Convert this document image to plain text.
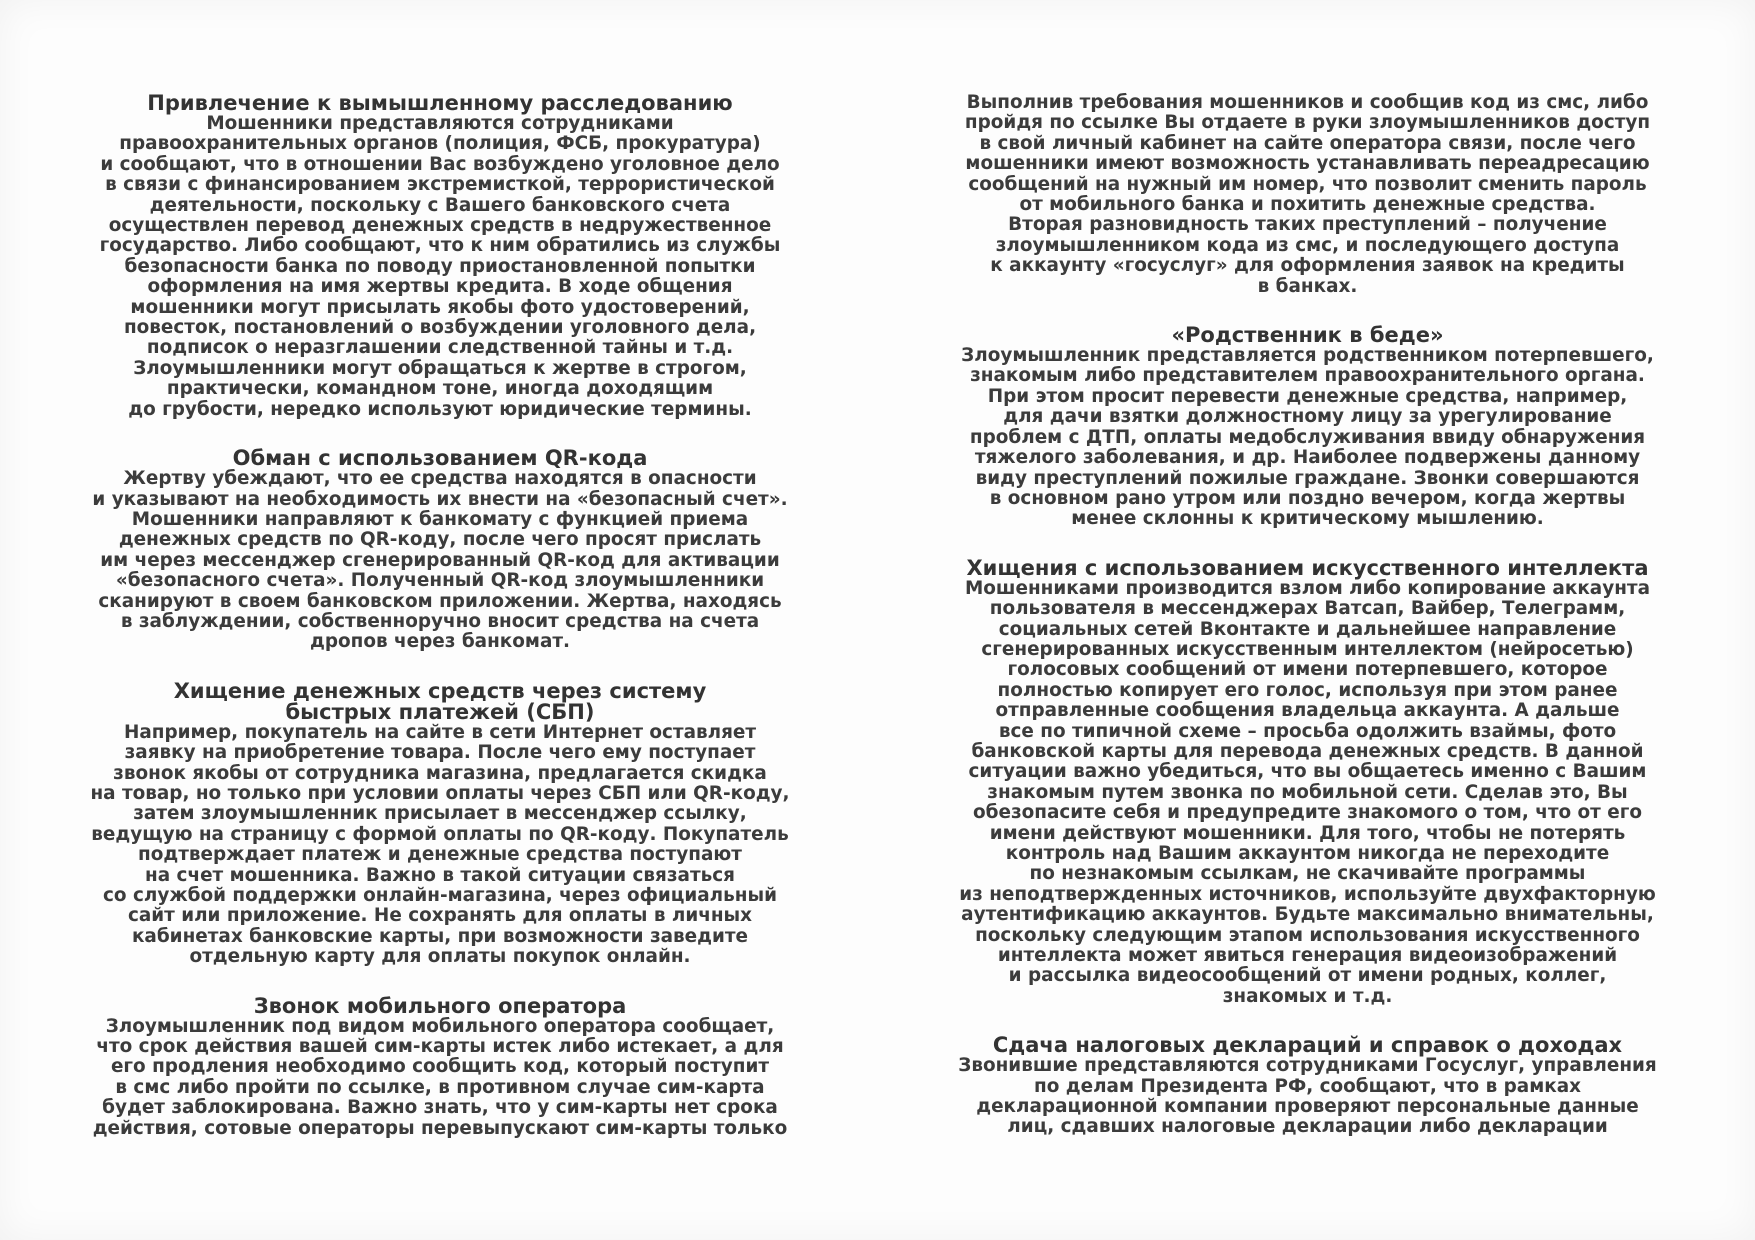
Привлечение к вымышленному расследованию

Мошенники представляются сотрудниками

правоохранительных органов (полиция, ФСБ, прокуратура)

и сообщают, что в отношении Вас возбуждено уголовное дело

в связи с финансированием экстремисткой, террористической

деятельности, поскольку с Вашего банковского счета

осуществлен перевод денежных средств в недружественное

государство. Либо сообщают, что к ним обратились из службы

безопасности банка по поводу приостановленной попытки

оформления на имя жертвы кредита. В ходе общения

мошенники могут присылать якобы фото удостоверений,

повесток, постановлений о возбуждении уголовного дела,

подписок о неразглашении следственной тайны и т.д.

Злоумышленники могут обращаться к жертве в строгом,

практически, командном тоне, иногда доходящим

до грубости, нередко используют юридические термины.

Обман с использованием QR-кода

Жертву убеждают, что ее средства находятся в опасности

и указывают на необходимость их внести на «безопасный счет».

Мошенники направляют к банкомату с функцией приема

денежных средств по QR-коду, после чего просят прислать

им через мессенджер сгенерированный QR-код для активации

«безопасного счета». Полученный QR-код злоумышленники

сканируют в своем банковском приложении. Жертва, находясь

в заблуждении, собственноручно вносит средства на счета

дропов через банкомат.

Хищение денежных средств через систему быстрых платежей (СБП)

Например, покупатель на сайте в сети Интернет оставляет

заявку на приобретение товара. После чего ему поступает

звонок якобы от сотрудника магазина, предлагается скидка

на товар, но только при условии оплаты через СБП или QR-коду,

затем злоумышленник присылает в мессенджер ссылку,

ведущую на страницу с формой оплаты по QR-коду. Покупатель

подтверждает платеж и денежные средства поступают

на счет мошенника. Важно в такой ситуации связаться

со службой поддержки онлайн-магазина, через официальный

сайт или приложение. Не сохранять для оплаты в личных

кабинетах банковские карты, при возможности заведите

отдельную карту для оплаты покупок онлайн.

Звонок мобильного оператора

Злоумышленник под видом мобильного оператора сообщает,

что срок действия вашей сим-карты истек либо истекает, а для

его продления необходимо сообщить код, который поступит

в смс либо пройти по ссылке, в противном случае сим-карта

будет заблокирована. Важно знать, что у сим-карты нет срока

действия, сотовые операторы перевыпускают сим-карты только

Выполнив требования мошенников и сообщив код из смс, либо

пройдя по ссылке Вы отдаете в руки злоумышленников доступ

в свой личный кабинет на сайте оператора связи, после чего

мошенники имеют возможность устанавливать переадресацию

сообщений на нужный им номер, что позволит сменить пароль

от мобильного банка и похитить денежные средства.

Вторая разновидность таких преступлений – получение

злоумышленником кода из смс, и последующего доступа

к аккаунту «госуслуг» для оформления заявок на кредиты

в банках.

«Родственник в беде»

Злоумышленник представляется родственником потерпевшего,

знакомым либо представителем правоохранительного органа.

При этом просит перевести денежные средства, например,

для дачи взятки должностному лицу за урегулирование

проблем с ДТП, оплаты медобслуживания ввиду обнаружения

тяжелого заболевания, и др. Наиболее подвержены данному

виду преступлений пожилые граждане. Звонки совершаются

в основном рано утром или поздно вечером, когда жертвы

менее склонны к критическому мышлению.

Хищения с использованием искусственного интеллекта

Мошенниками производится взлом либо копирование аккаунта

пользователя в мессенджерах Ватсап, Вайбер, Телеграмм,

социальных сетей Вконтакте и дальнейшее направление

сгенерированных искусственным интеллектом (нейросетью)

голосовых сообщений от имени потерпевшего, которое

полностью копирует его голос, используя при этом ранее

отправленные сообщения владельца аккаунта. А дальше

все по типичной схеме – просьба одолжить взаймы, фото

банковской карты для перевода денежных средств. В данной

ситуации важно убедиться, что вы общаетесь именно с Вашим

знакомым путем звонка по мобильной сети. Сделав это, Вы

обезопасите себя и предупредите знакомого о том, что от его

имени действуют мошенники. Для того, чтобы не потерять

контроль над Вашим аккаунтом никогда не переходите

по незнакомым ссылкам, не скачивайте программы

из неподтвержденных источников, используйте двухфакторную

аутентификацию аккаунтов. Будьте максимально внимательны,

поскольку следующим этапом использования искусственного

интеллекта может явиться генерация видеоизображений

и рассылка видеосообщений от имени родных, коллег,

знакомых и т.д.

Сдача налоговых деклараций и справок о доходах

Звонившие представляются сотрудниками Госуслуг, управления

по делам Президента РФ, сообщают, что в рамках

декларационной компании проверяют персональные данные

лиц, сдавших налоговые декларации либо декларации
